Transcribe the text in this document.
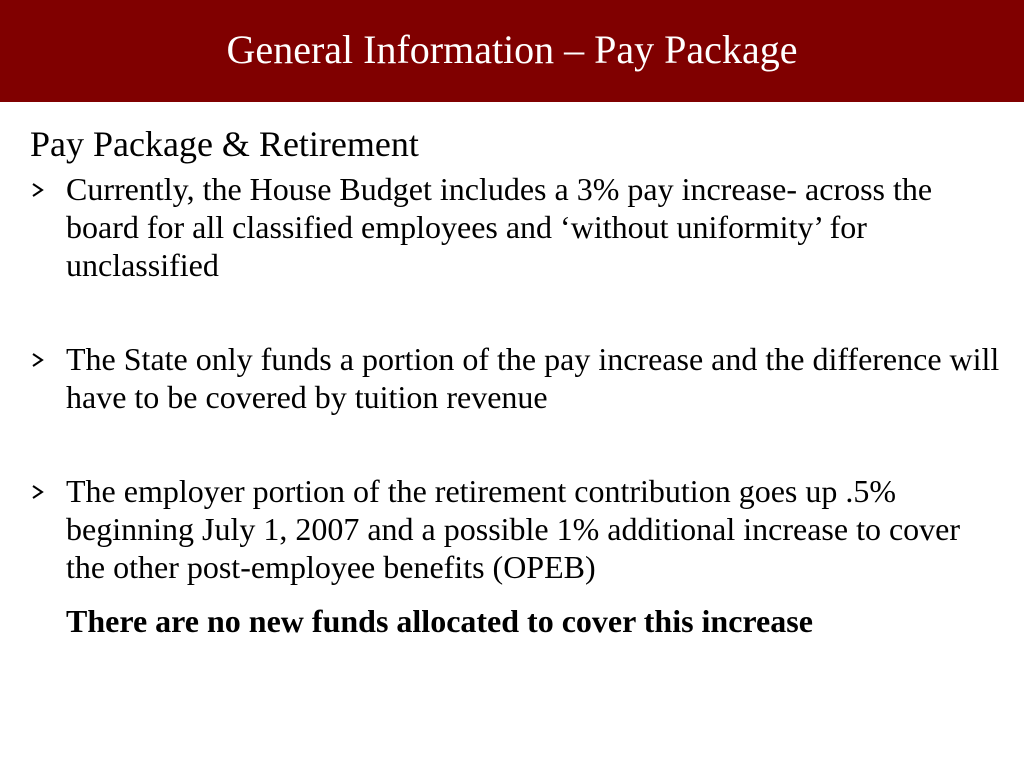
General Information – Pay Package
Pay Package & Retirement
Currently, the House Budget includes a 3% pay increase- across the board for all classified employees and ‘without uniformity’ for unclassified
The State only funds a portion of the pay increase and the difference will have to be covered by tuition revenue
The employer portion of the retirement contribution goes up .5% beginning July 1, 2007 and a possible 1% additional increase to cover the other post-employee benefits (OPEB)
There are no new funds allocated to cover this increase
